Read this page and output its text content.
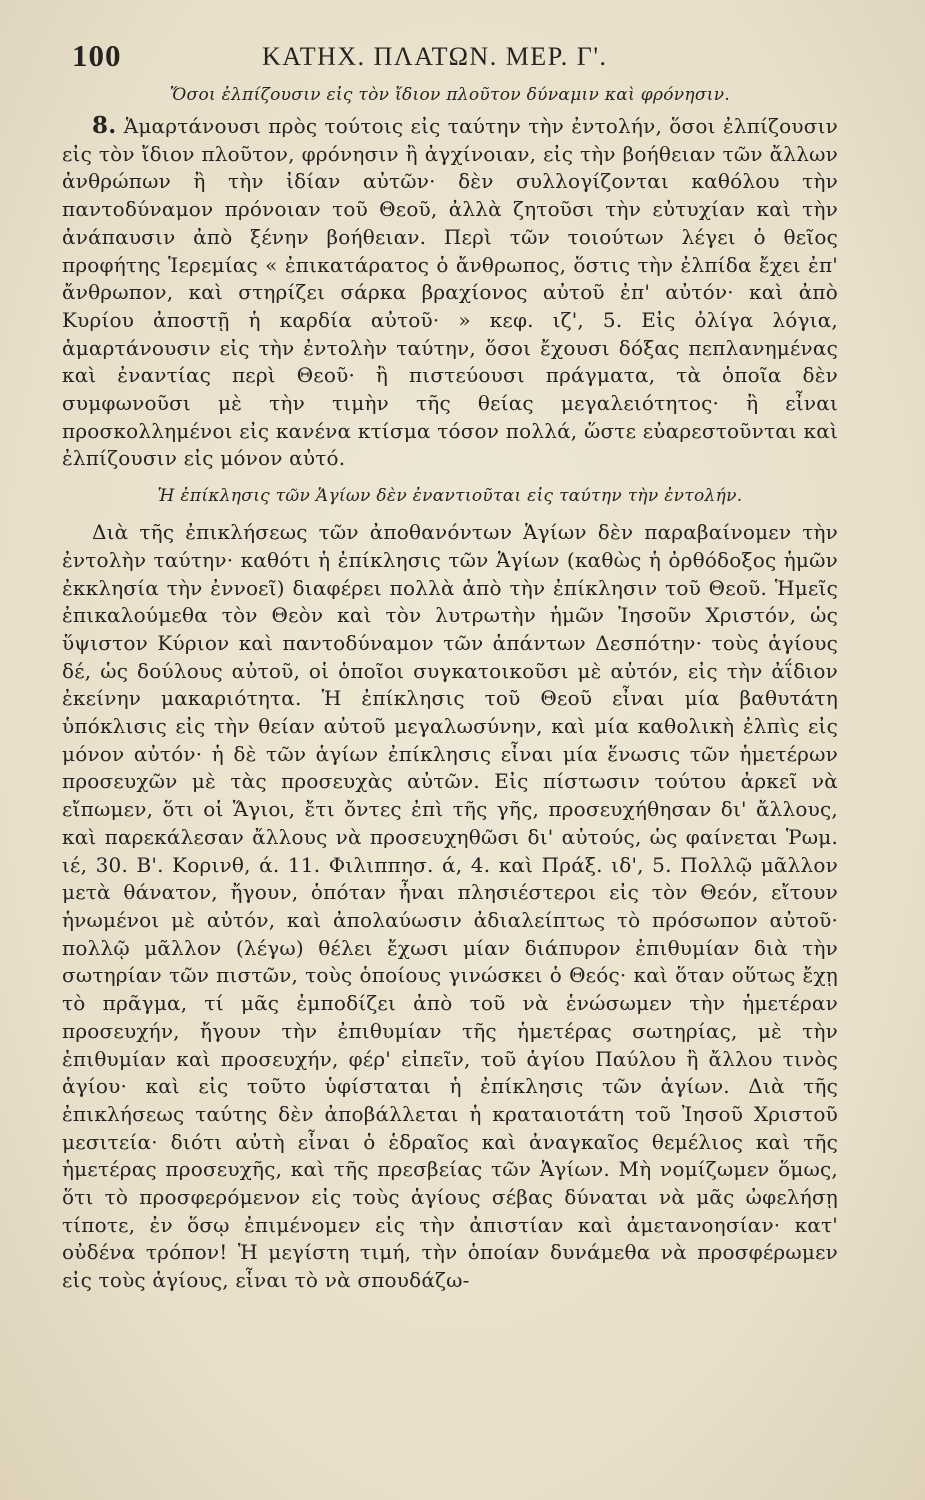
100	ΚΑΤΗΧ. ΠΛΑΤΩΝ. ΜΕΡ. Γ'.

Ὅσοι ἐλπίζουσιν εἰς τὸν ἴδιον πλοῦτον δύναμιν καὶ φρόνησιν.

8. Ἁμαρτάνουσι πρὸς τούτοις εἰς ταύτην τὴν ἐντολήν, ὅσοι ἐλπίζουσιν εἰς τὸν ἴδιον πλοῦτον, φρόνησιν ἢ ἀγχίνοιαν, εἰς τὴν βοήθειαν τῶν ἄλλων ἀνθρώπων ἢ τὴν ἰδίαν αὐτῶν· δὲν συλλογίζονται καθόλου τὴν παντοδύναμον πρόνοιαν τοῦ Θεοῦ, ἀλλὰ ζητοῦσι τὴν εὐτυχίαν καὶ τὴν ἀνάπαυσιν ἀπὸ ξένην βοήθειαν. Περὶ τῶν τοιούτων λέγει ὁ θεῖος προφήτης Ἱερεμίας « ἐπικατάρατος ὁ ἄνθρωπος, ὅστις τὴν ἐλπίδα ἔχει ἐπ' ἄνθρωπον, καὶ στηρίζει σάρκα βραχίονος αὐτοῦ ἐπ' αὐτόν· καὶ ἀπὸ Κυρίου ἀποστῇ ἡ καρδία αὐτοῦ· » κεφ. ιζ', 5. Εἰς ὀλίγα λόγια, ἁμαρτάνουσιν εἰς τὴν ἐντολὴν ταύτην, ὅσοι ἔχουσι δόξας πεπλανημένας καὶ ἐναντίας περὶ Θεοῦ· ἢ πιστεύουσι πράγματα, τὰ ὁποῖα δὲν συμφωνοῦσι μὲ τὴν τιμὴν τῆς θείας μεγαλειότητος· ἢ εἶναι προσκολλημένοι εἰς κανένα κτίσμα τόσον πολλά, ὥστε εὐαρεστοῦνται καὶ ἐλπίζουσιν εἰς μόνον αὐτό.

Ἡ ἐπίκλησις τῶν Ἁγίων δὲν ἐναντιοῦται εἰς ταύτην τὴν ἐντολήν.

Διὰ τῆς ἐπικλήσεως τῶν ἀποθανόντων Ἁγίων δὲν παραβαίνομεν τὴν ἐντολὴν ταύτην· καθότι ἡ ἐπίκλησις τῶν Ἁγίων (καθὼς ἡ ὀρθόδοξος ἡμῶν ἐκκλησία τὴν ἐννοεῖ) διαφέρει πολλὰ ἀπὸ τὴν ἐπίκλησιν τοῦ Θεοῦ. Ἡμεῖς ἐπικαλούμεθα τὸν Θεὸν καὶ τὸν λυτρωτὴν ἡμῶν Ἰησοῦν Χριστόν, ὡς ὕψιστον Κύριον καὶ παντοδύναμον τῶν ἁπάντων Δεσπότην· τοὺς ἁγίους δέ, ὡς δούλους αὐτοῦ, οἱ ὁποῖοι συγκατοικοῦσι μὲ αὐτόν, εἰς τὴν ἀΐδιον ἐκείνην μακαριότητα. Ἡ ἐπίκλησις τοῦ Θεοῦ εἶναι μία βαθυτάτη ὑπόκλισις εἰς τὴν θείαν αὐτοῦ μεγαλωσύνην, καὶ μία καθολικὴ ἐλπὶς εἰς μόνον αὐτόν· ἡ δὲ τῶν ἁγίων ἐπίκλησις εἶναι μία ἕνωσις τῶν ἡμετέρων προσευχῶν μὲ τὰς προσευχὰς αὐτῶν. Εἰς πίστωσιν τούτου ἀρκεῖ νὰ εἴπωμεν, ὅτι οἱ Ἅγιοι, ἔτι ὄντες ἐπὶ τῆς γῆς, προσευχήθησαν δι' ἄλλους, καὶ παρεκάλεσαν ἄλλους νὰ προσευχηθῶσι δι' αὐτούς, ὡς φαίνεται Ῥωμ. ιέ, 30. Β'. Κορινθ, ά. 11. Φιλιππησ. ά, 4. καὶ Πράξ. ιδ', 5. Πολλῷ μᾶλλον μετὰ θάνατον, ἤγουν, ὁπόταν ἦναι πλησιέστεροι εἰς τὸν Θεόν, εἴτουν ἡνωμένοι μὲ αὐτόν, καὶ ἀπολαύωσιν ἀδιαλείπτως τὸ πρόσωπον αὐτοῦ· πολλῷ μᾶλλον (λέγω) θέλει ἔχωσι μίαν διάπυρον ἐπιθυμίαν διὰ τὴν σωτηρίαν τῶν πιστῶν, τοὺς ὁποίους γινώσκει ὁ Θεός· καὶ ὅταν οὕτως ἔχῃ τὸ πρᾶγμα, τί μᾶς ἐμποδίζει ἀπὸ τοῦ νὰ ἑνώσωμεν τὴν ἡμετέραν προσευχήν, ἤγουν τὴν ἐπιθυμίαν τῆς ἡμετέρας σωτηρίας, μὲ τὴν ἐπιθυμίαν καὶ προσευχήν, φέρ' εἰπεῖν, τοῦ ἁγίου Παύλου ἢ ἄλλου τινὸς ἁγίου· καὶ εἰς τοῦτο ὑφίσταται ἡ ἐπίκλησις τῶν ἁγίων. Διὰ τῆς ἐπικλήσεως ταύτης δὲν ἀποβάλλεται ἡ κραταιοτάτη τοῦ Ἰησοῦ Χριστοῦ μεσιτεία· διότι αὐτὴ εἶναι ὁ ἑδραῖος καὶ ἀναγκαῖος θεμέλιος καὶ τῆς ἡμετέρας προσευχῆς, καὶ τῆς πρεσβείας τῶν Ἁγίων. Μὴ νομίζωμεν ὅμως, ὅτι τὸ προσφερόμενον εἰς τοὺς ἁγίους σέβας δύναται νὰ μᾶς ὠφελήσῃ τίποτε, ἐν ὅσῳ ἐπιμένομεν εἰς τὴν ἀπιστίαν καὶ ἀμετανοησίαν· κατ' οὐδένα τρόπον! Ἡ μεγίστη τιμή, τὴν ὁποίαν δυνάμεθα νὰ προσφέρωμεν εἰς τοὺς ἁγίους, εἶναι τὸ νὰ σπουδάζω-
